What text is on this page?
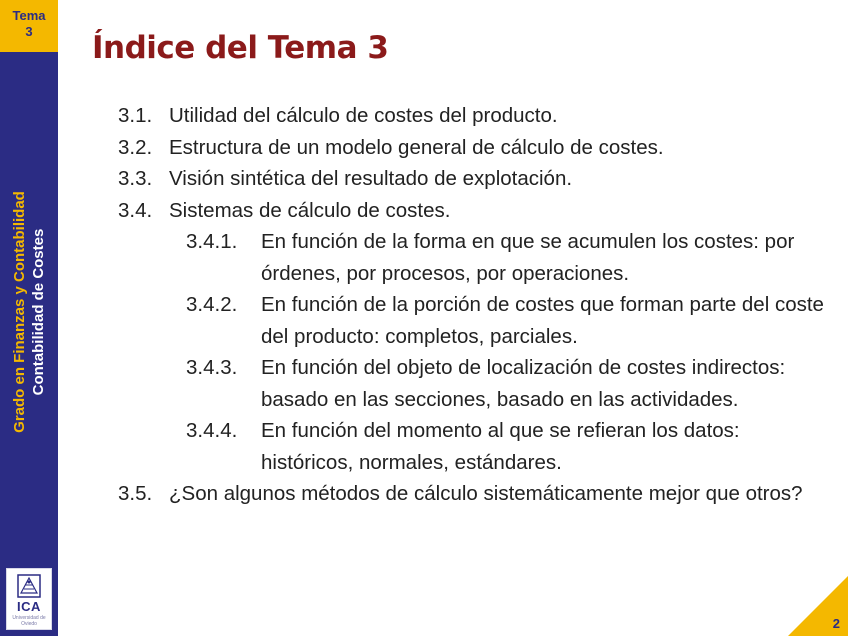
Tema
3
Grado en Finanzas y Contabilidad Contabilidad de Costes
ICA
Universidad de Oviedo
Índice del Tema 3
3.1. Utilidad del cálculo de costes del producto.
3.2. Estructura de un modelo general de cálculo de costes.
3.3. Visión sintética del resultado de explotación.
3.4. Sistemas de cálculo de costes.
3.4.1. En función de la forma en que se acumulen los costes: por órdenes, por procesos, por operaciones.
3.4.2. En función de la porción de costes que forman parte del coste del producto: completos, parciales.
3.4.3. En función del objeto de localización de costes indirectos: basado en las secciones, basado en las actividades.
3.4.4. En función del momento al que se refieran los datos: históricos, normales, estándares.
3.5. ¿Son algunos métodos de cálculo sistemáticamente mejor que otros?
2
